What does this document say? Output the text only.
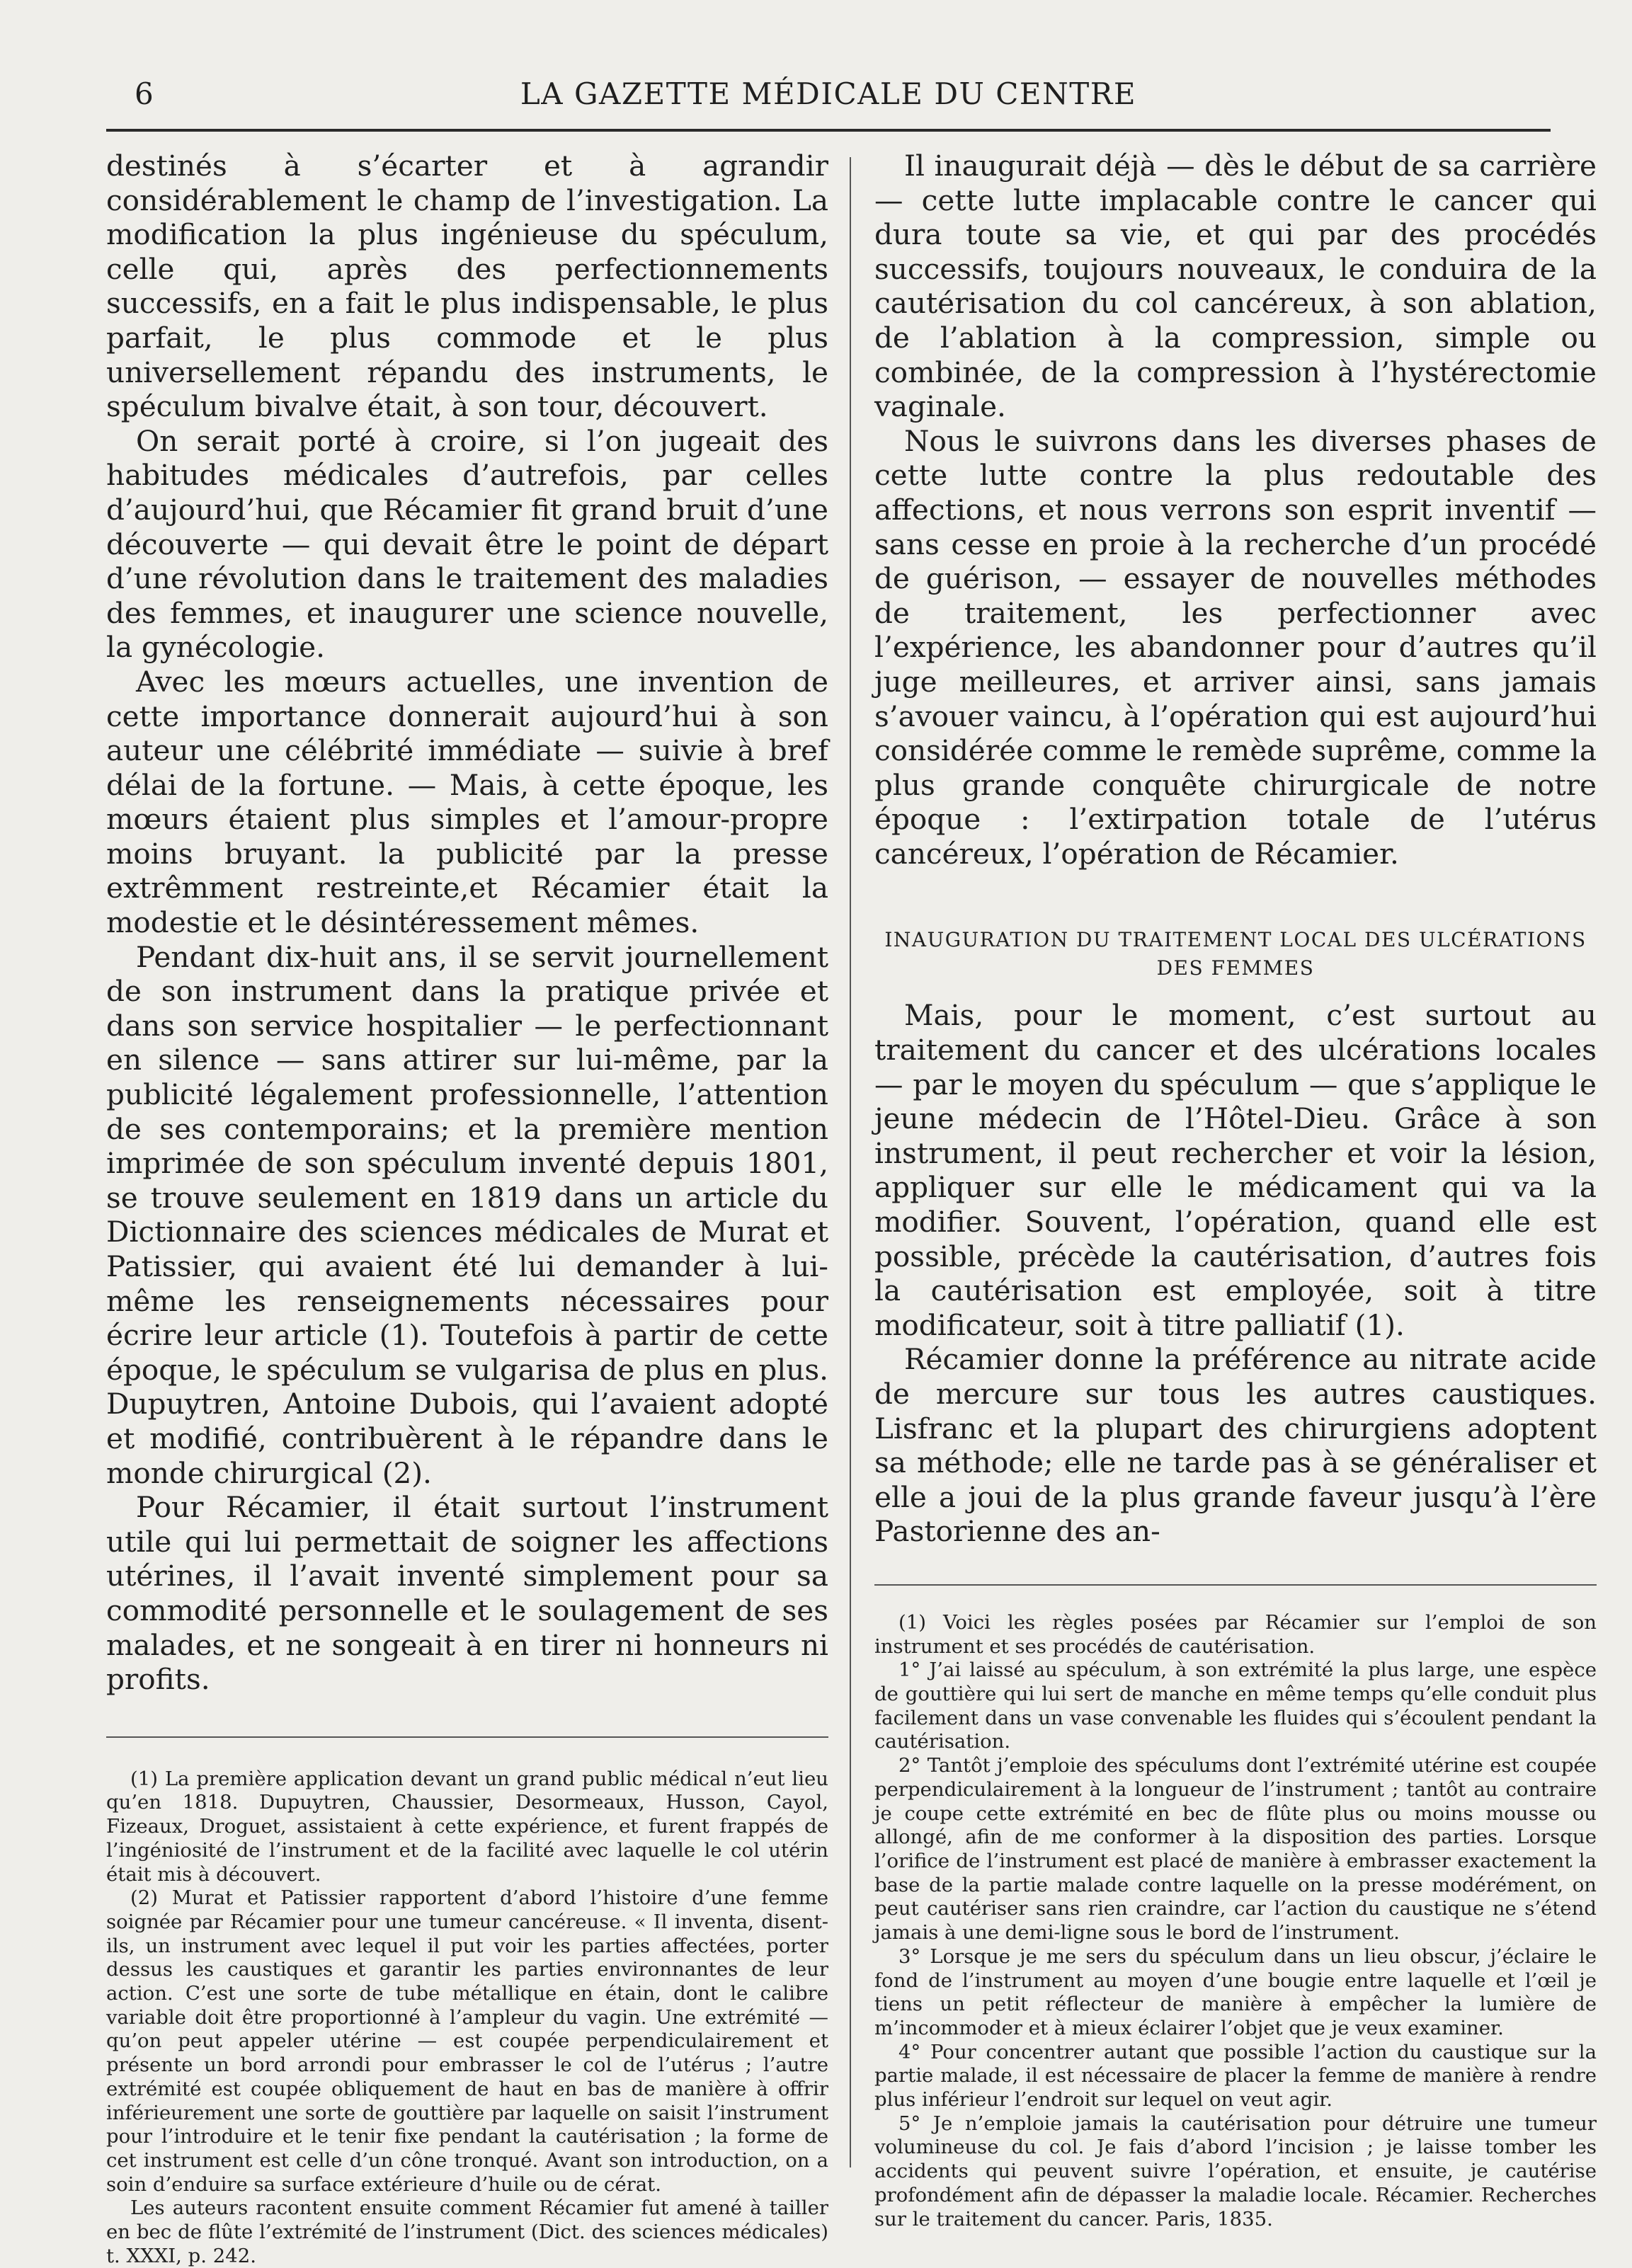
6	LA GAZETTE MÉDICALE DU CENTRE

destinés à s’écarter et à agrandir considérablement le champ de l’investigation. La modification la plus ingénieuse du spéculum, celle qui, après des perfectionnements successifs, en a fait le plus indispensable, le plus parfait, le plus commode et le plus universellement répandu des instruments, le spéculum bivalve était, à son tour, découvert.

On serait porté à croire, si l’on jugeait des habitudes médicales d’autrefois, par celles d’aujourd’hui, que Récamier fit grand bruit d’une découverte — qui devait être le point de départ d’une révolution dans le traitement des maladies des femmes, et inaugurer une science nouvelle, la gynécologie.

Avec les mœurs actuelles, une invention de cette importance donnerait aujourd’hui à son auteur une célébrité immédiate — suivie à bref délai de la fortune. — Mais, à cette époque, les mœurs étaient plus simples et l’amour-propre moins bruyant. la publicité par la presse extrêmment restreinte,et Récamier était la modestie et le désintéressement mêmes.

Pendant dix-huit ans, il se servit journellement de son instrument dans la pratique privée et dans son service hospitalier — le perfectionnant en silence — sans attirer sur lui-même, par la publicité légalement professionnelle, l’attention de ses contemporains; et la première mention imprimée de son spéculum inventé depuis 1801, se trouve seulement en 1819 dans un article du Dictionnaire des sciences médicales de Murat et Patissier, qui avaient été lui demander à lui-même les renseignements nécessaires pour écrire leur article (1). Toutefois à partir de cette époque, le spéculum se vulgarisa de plus en plus. Dupuytren, Antoine Dubois, qui l’avaient adopté et modifié, contribuèrent à le répandre dans le monde chirurgical (2).

Pour Récamier, il était surtout l’instrument utile qui lui permettait de soigner les affections utérines, il l’avait inventé simplement pour sa commodité personnelle et le soulagement de ses malades, et ne songeait à en tirer ni honneurs ni profits.

(1) La première application devant un grand public médical n’eut lieu qu’en 1818. Dupuytren, Chaussier, Desormeaux, Husson, Cayol, Fizeaux, Droguet, assistaient à cette expérience, et furent frappés de l’ingéniosité de l’instrument et de la facilité avec laquelle le col utérin était mis à découvert.

(2) Murat et Patissier rapportent d’abord l’histoire d’une femme soignée par Récamier pour une tumeur cancéreuse. « Il inventa, disent-ils, un instrument avec lequel il put voir les parties affectées, porter dessus les caustiques et garantir les parties environnantes de leur action. C’est une sorte de tube métallique en étain, dont le calibre variable doit être proportionné à l’ampleur du vagin. Une extrémité — qu’on peut appeler utérine — est coupée perpendiculairement et présente un bord arrondi pour embrasser le col de l’utérus ; l’autre extrémité est coupée obliquement de haut en bas de manière à offrir inférieurement une sorte de gouttière par laquelle on saisit l’instrument pour l’introduire et le tenir fixe pendant la cautérisation ; la forme de cet instrument est celle d’un cône tronqué. Avant son introduction, on a soin d’enduire sa surface extérieure d’huile ou de cérat.

Les auteurs racontent ensuite comment Récamier fut amené à tailler en bec de flûte l’extrémité de l’instrument (Dict. des sciences médicales) t. XXXI, p. 242.

Il inaugurait déjà — dès le début de sa carrière — cette lutte implacable contre le cancer qui dura toute sa vie, et qui par des procédés successifs, toujours nouveaux, le conduira de la cautérisation du col cancéreux, à son ablation, de l’ablation à la compression, simple ou combinée, de la compression à l’hystérectomie vaginale.

Nous le suivrons dans les diverses phases de cette lutte contre la plus redoutable des affections, et nous verrons son esprit inventif — sans cesse en proie à la recherche d’un procédé de guérison, — essayer de nouvelles méthodes de traitement, les perfectionner avec l’expérience, les abandonner pour d’autres qu’il juge meilleures, et arriver ainsi, sans jamais s’avouer vaincu, à l’opération qui est aujourd’hui considérée comme le remède suprême, comme la plus grande conquête chirurgicale de notre époque : l’extirpation totale de l’utérus cancéreux, l’opération de Récamier.

INAUGURATION DU TRAITEMENT LOCAL DES ULCÉRATIONS

DES FEMMES

Mais, pour le moment, c’est surtout au traitement du cancer et des ulcérations locales — par le moyen du spéculum — que s’applique le jeune médecin de l’Hôtel-Dieu. Grâce à son instrument, il peut rechercher et voir la lésion, appliquer sur elle le médicament qui va la modifier. Souvent, l’opération, quand elle est possible, précède la cautérisation, d’autres fois la cautérisation est employée, soit à titre modificateur, soit à titre palliatif (1).

Récamier donne la préférence au nitrate acide de mercure sur tous les autres caustiques. Lisfranc et la plupart des chirurgiens adoptent sa méthode; elle ne tarde pas à se généraliser et elle a joui de la plus grande faveur jusqu’à l’ère Pastorienne des an-

(1) Voici les règles posées par Récamier sur l’emploi de son instrument et ses procédés de cautérisation.

1° J’ai laissé au spéculum, à son extrémité la plus large, une espèce de gouttière qui lui sert de manche en même temps qu’elle conduit plus facilement dans un vase convenable les fluides qui s’écoulent pendant la cautérisation.

2° Tantôt j’emploie des spéculums dont l’extrémité utérine est coupée perpendiculairement à la longueur de l’instrument ; tantôt au contraire je coupe cette extrémité en bec de flûte plus ou moins mousse ou allongé, afin de me conformer à la disposition des parties. Lorsque l’orifice de l’instrument est placé de manière à embrasser exactement la base de la partie malade contre laquelle on la presse modérément, on peut cautériser sans rien craindre, car l’action du caustique ne s’étend jamais à une demi-ligne sous le bord de l’instrument.

3° Lorsque je me sers du spéculum dans un lieu obscur, j’éclaire le fond de l’instrument au moyen d’une bougie entre laquelle et l’œil je tiens un petit réflecteur de manière à empêcher la lumière de m’incommoder et à mieux éclairer l’objet que je veux examiner.

4° Pour concentrer autant que possible l’action du caustique sur la partie malade, il est nécessaire de placer la femme de manière à rendre plus inférieur l’endroit sur lequel on veut agir.

5° Je n’emploie jamais la cautérisation pour détruire une tumeur volumineuse du col. Je fais d’abord l’incision ; je laisse tomber les accidents qui peuvent suivre l’opération, et ensuite, je cautérise profondément afin de dépasser la maladie locale. Récamier. Recherches sur le traitement du cancer. Paris, 1835.
